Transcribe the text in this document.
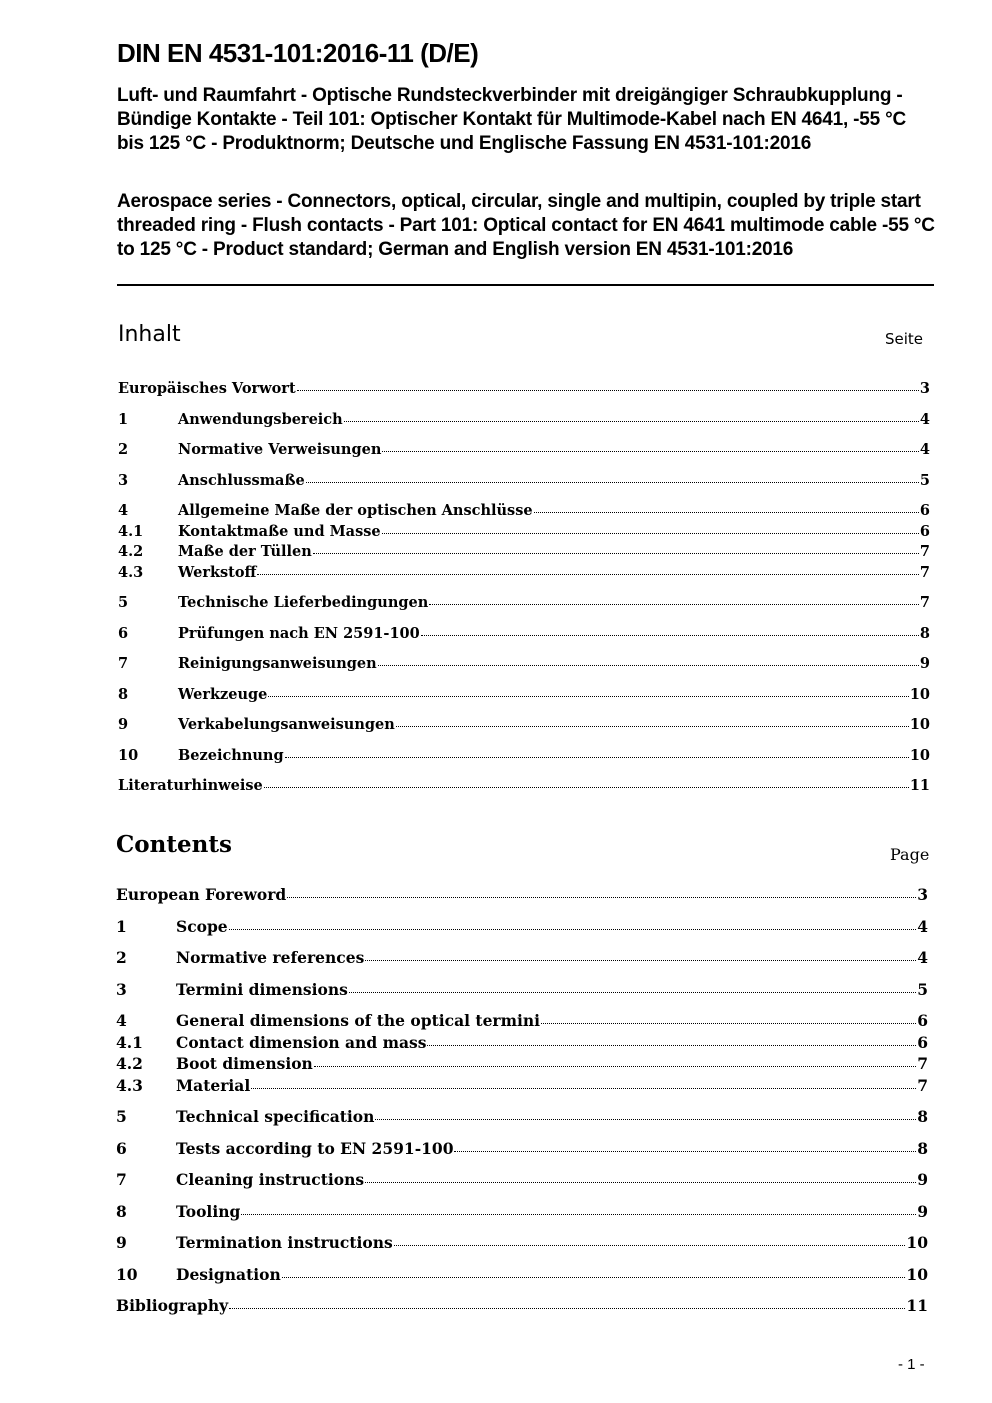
DIN EN 4531-101:2016-11 (D/E)
Luft- und Raumfahrt - Optische Rundsteckverbinder mit dreigängiger Schraubkupplung - Bündige Kontakte - Teil 101: Optischer Kontakt für Multimode-Kabel nach EN 4641, -55 °C bis 125 °C - Produktnorm; Deutsche und Englische Fassung EN 4531-101:2016
Aerospace series - Connectors, optical, circular, single and multipin, coupled by triple start threaded ring - Flush contacts - Part 101: Optical contact for EN 4641 multimode cable -55 °C to 125 °C - Product standard; German and English version EN 4531-101:2016
Inhalt	Seite
Europäisches Vorwort	3
1	Anwendungsbereich	4
2	Normative Verweisungen	4
3	Anschlussmaße	5
4	Allgemeine Maße der optischen Anschlüsse	6
4.1	Kontaktmaße und Masse	6
4.2	Maße der Tüllen	7
4.3	Werkstoff	7
5	Technische Lieferbedingungen	7
6	Prüfungen nach EN 2591-100	8
7	Reinigungsanweisungen	9
8	Werkzeuge	10
9	Verkabelungsanweisungen	10
10	Bezeichnung	10
Literaturhinweise	11
Contents	Page
European Foreword	3
1	Scope	4
2	Normative references	4
3	Termini dimensions	5
4	General dimensions of the optical termini	6
4.1	Contact dimension and mass	6
4.2	Boot dimension	7
4.3	Material	7
5	Technical specification	8
6	Tests according to EN 2591-100	8
7	Cleaning instructions	9
8	Tooling	9
9	Termination instructions	10
10	Designation	10
Bibliography	11
- 1 -
